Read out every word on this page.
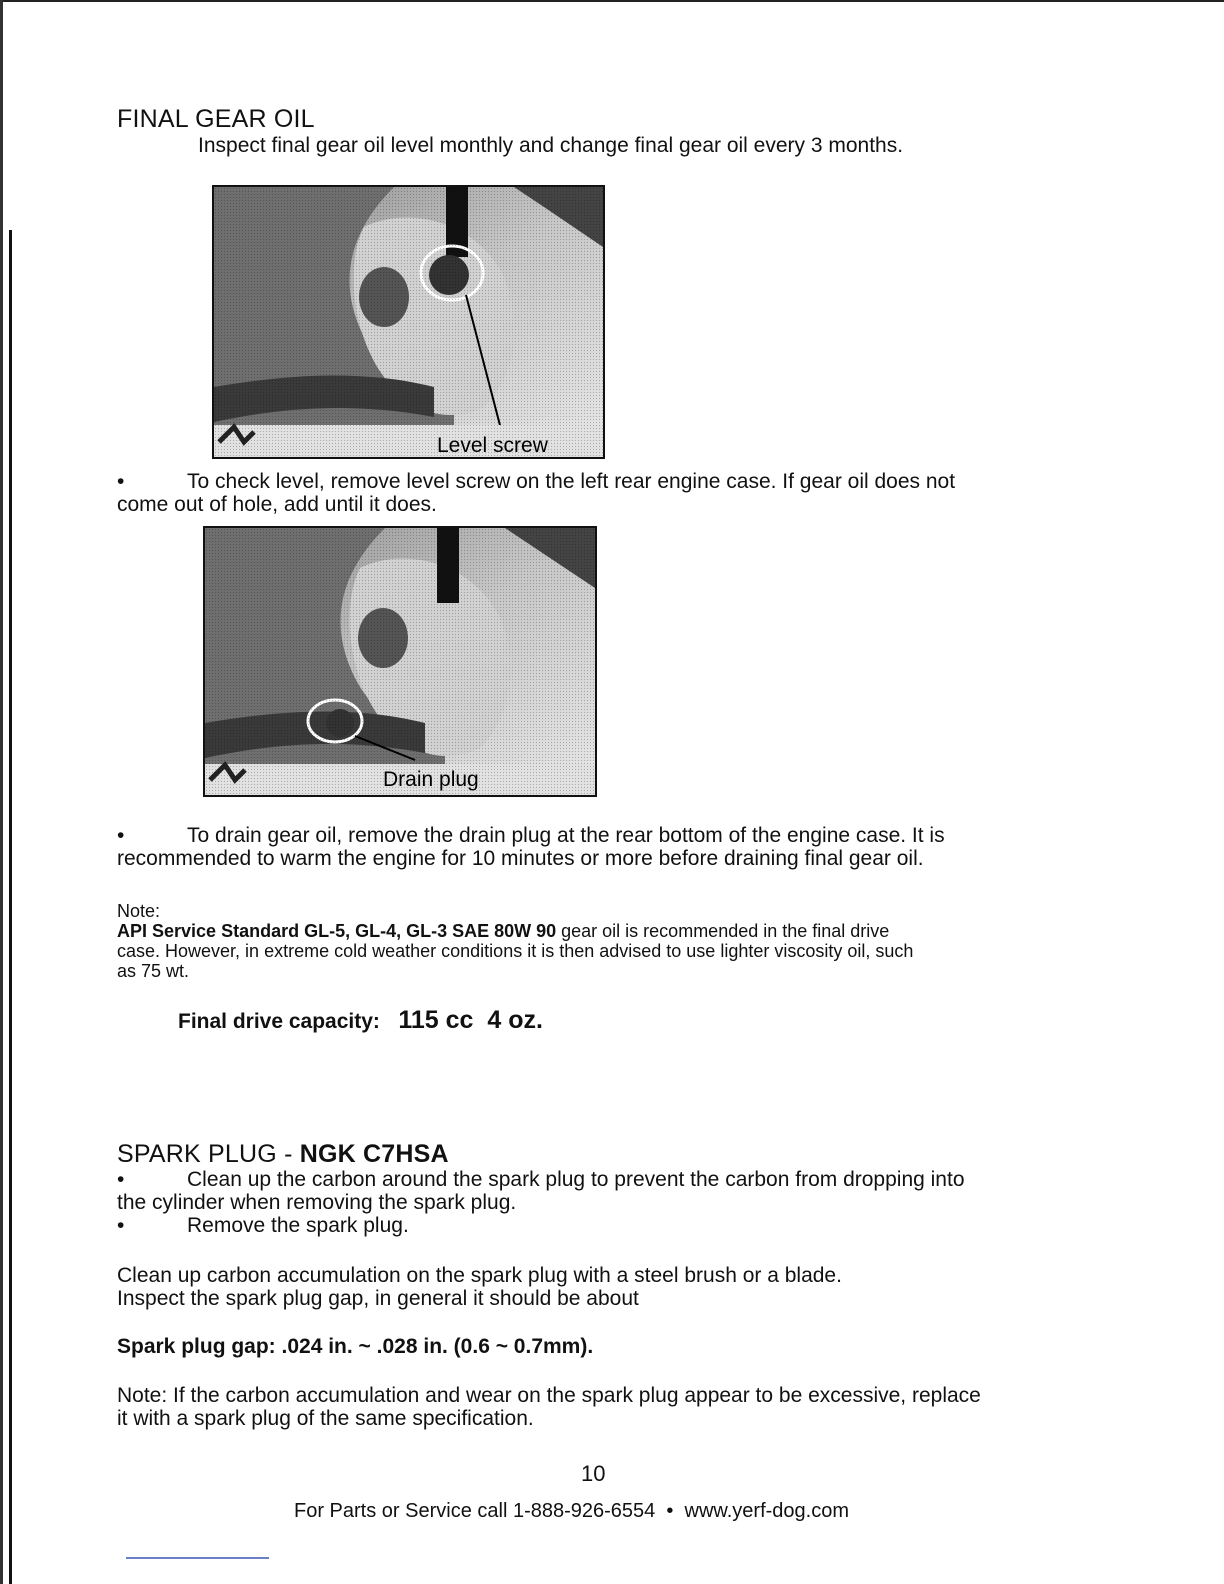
FINAL GEAR OIL
Inspect final gear oil level monthly and change final gear oil every 3 months.
Level screw
•	To check level, remove level screw on the left rear engine case. If gear oil does not
come out of hole, add until it does.
Drain plug
•	To drain gear oil, remove the drain plug at the rear bottom of the engine case. It is
recommended to warm the engine for 10 minutes or more before draining final gear oil.
Note:
API Service Standard GL-5, GL-4, GL-3 SAE 80W 90 gear oil is recommended in the final drive
case. However, in extreme cold weather conditions it is then advised to use lighter viscosity oil, such
as 75 wt.
Final drive capacity: 115 cc  4 oz.
SPARK PLUG - NGK C7HSA
•	Clean up the carbon around the spark plug to prevent the carbon from dropping into
the cylinder when removing the spark plug.
•	Remove the spark plug.
Clean up carbon accumulation on the spark plug with a steel brush or a blade.
Inspect the spark plug gap, in general it should be about
Spark plug gap: .024 in. ~ .028 in. (0.6 ~ 0.7mm).
Note: If the carbon accumulation and wear on the spark plug appear to be excessive, replace
it with a spark plug of the same specification.
10
For Parts or Service call 1-888-926-6554  •  www.yerf-dog.com
